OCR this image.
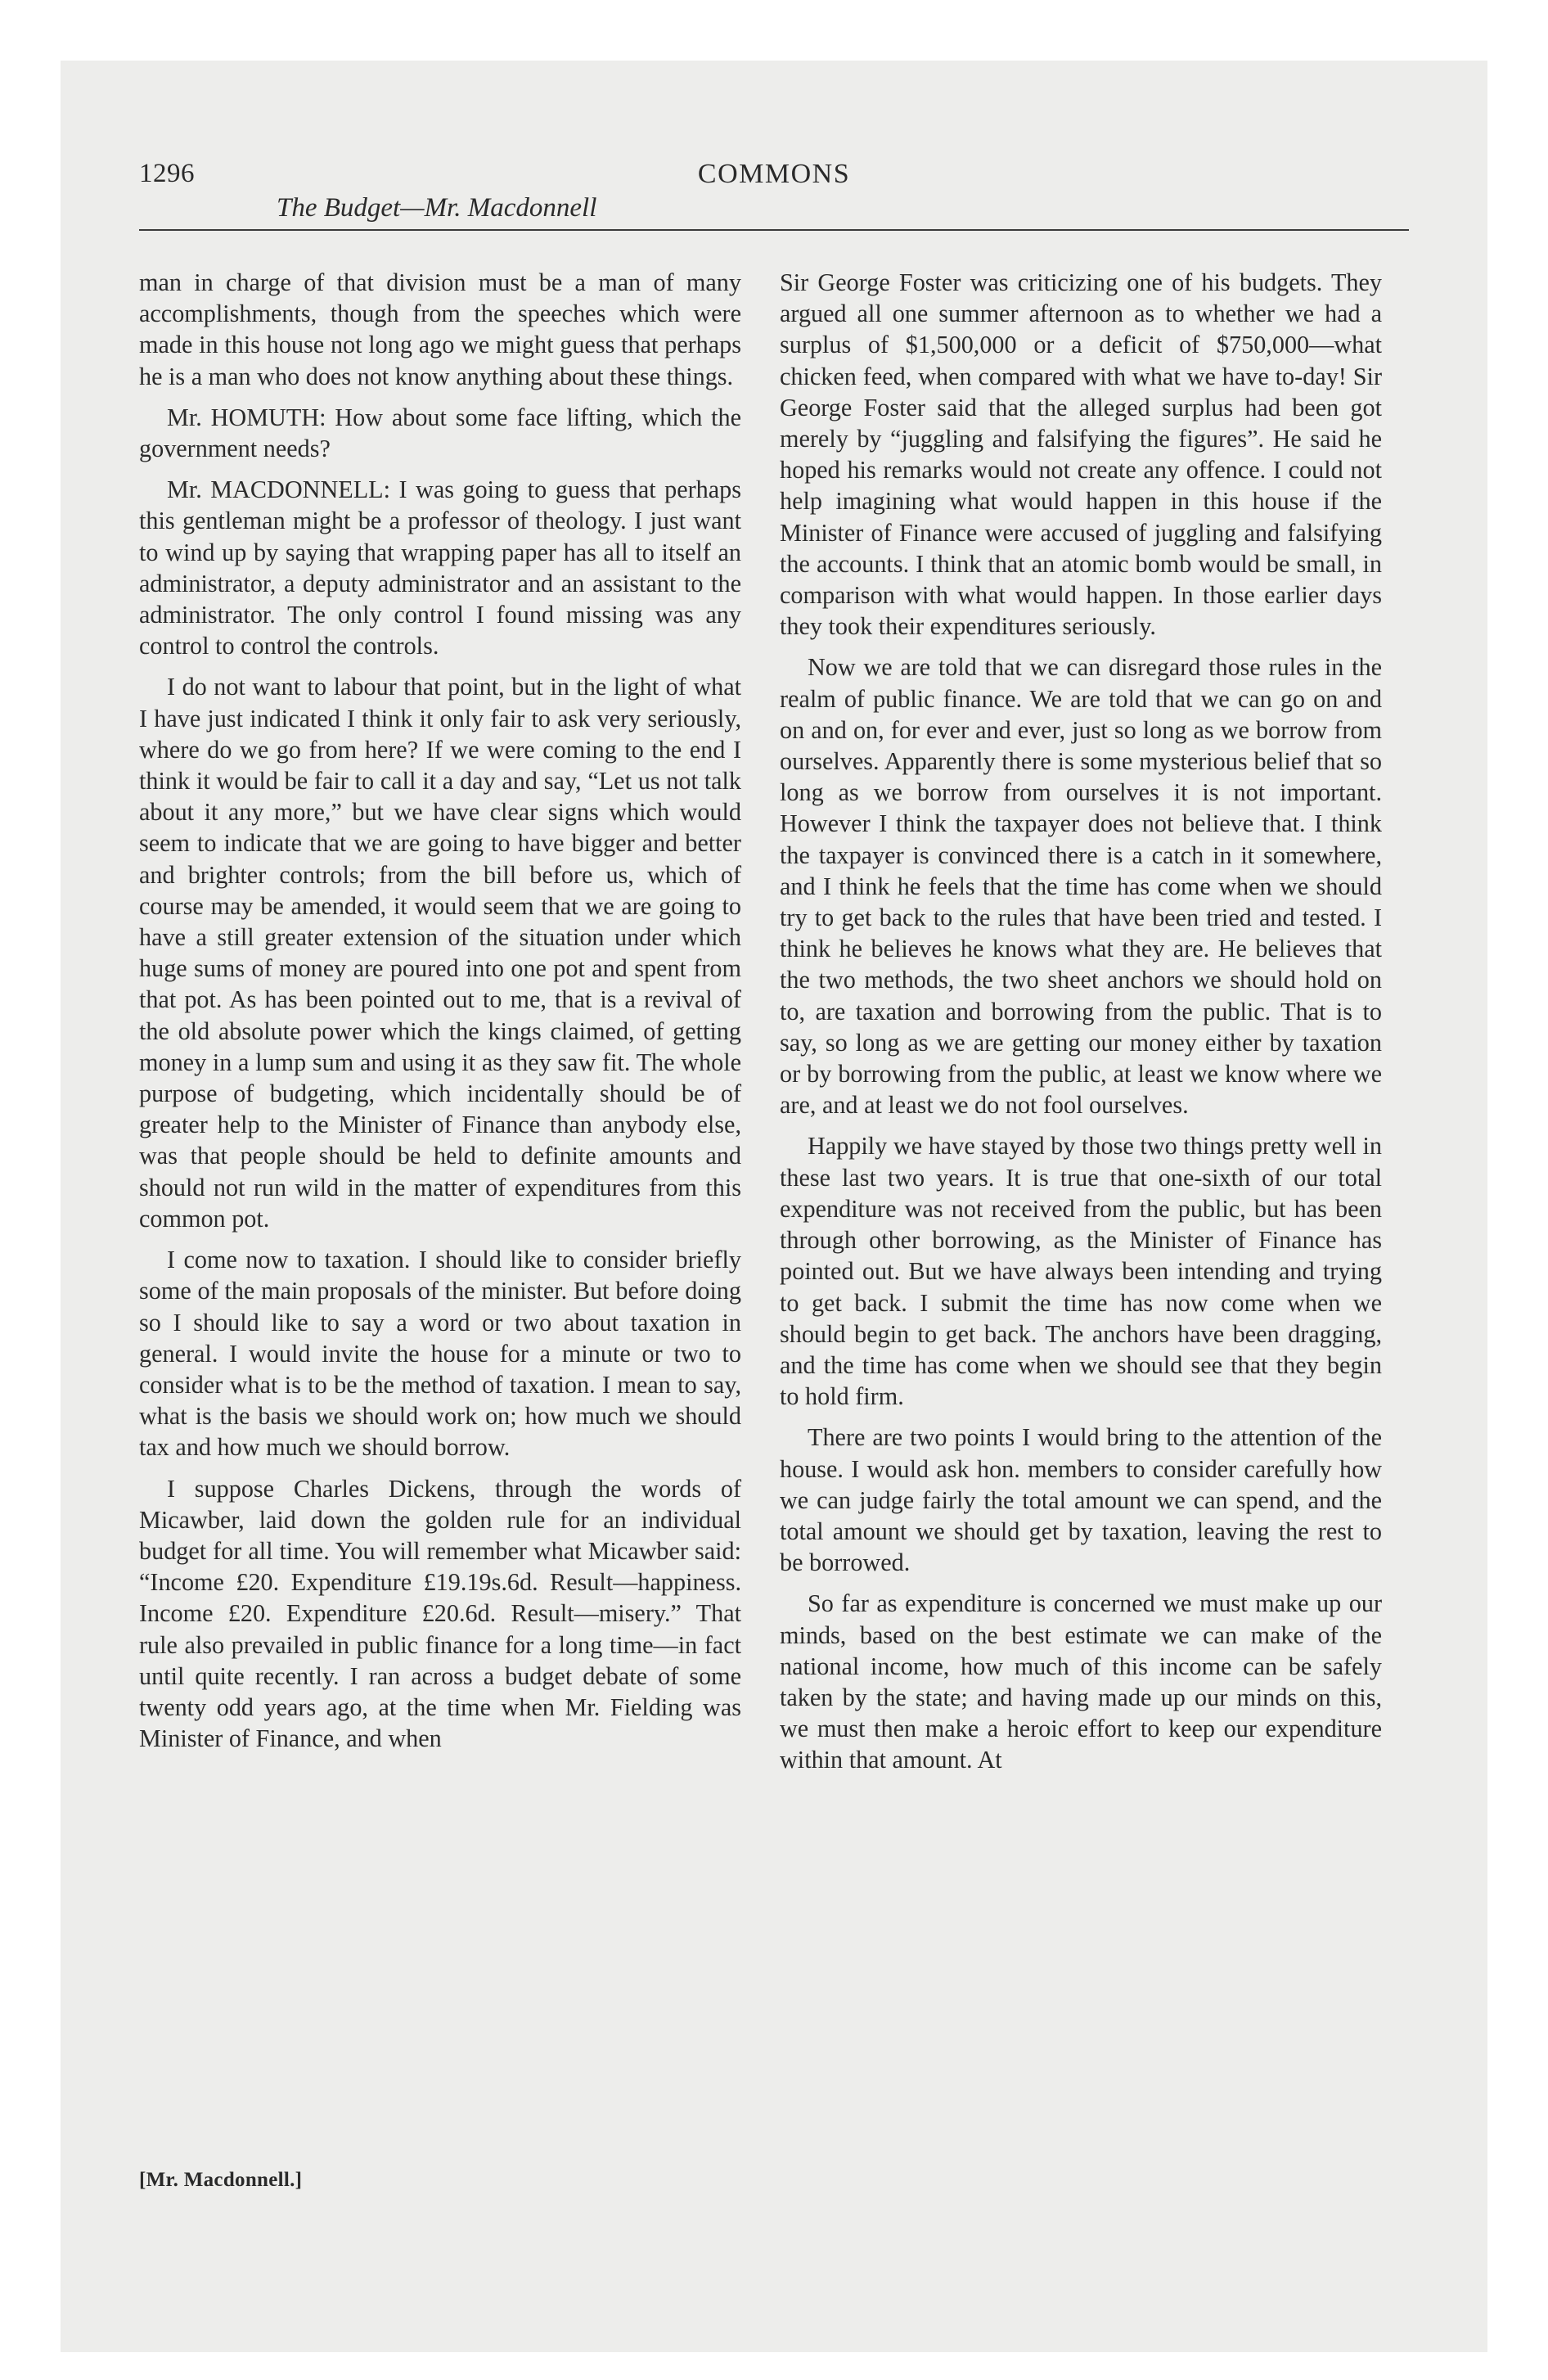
1296	COMMONS
The Budget—Mr. Macdonnell

man in charge of that division must be a man of many accomplishments, though from the speeches which were made in this house not long ago we might guess that perhaps he is a man who does not know anything about these things.

Mr. HOMUTH: How about some face lifting, which the government needs?

Mr. MACDONNELL: I was going to guess that perhaps this gentleman might be a professor of theology. I just want to wind up by saying that wrapping paper has all to itself an administrator, a deputy administrator and an assistant to the administrator. The only control I found missing was any control to control the controls.

I do not want to labour that point, but in the light of what I have just indicated I think it only fair to ask very seriously, where do we go from here? If we were coming to the end I think it would be fair to call it a day and say, “Let us not talk about it any more,” but we have clear signs which would seem to indicate that we are going to have bigger and better and brighter controls; from the bill before us, which of course may be amended, it would seem that we are going to have a still greater extension of the situation under which huge sums of money are poured into one pot and spent from that pot. As has been pointed out to me, that is a revival of the old absolute power which the kings claimed, of getting money in a lump sum and using it as they saw fit. The whole purpose of budgeting, which incidentally should be of greater help to the Minister of Finance than anybody else, was that people should be held to definite amounts and should not run wild in the matter of expenditures from this common pot.

I come now to taxation. I should like to consider briefly some of the main proposals of the minister. But before doing so I should like to say a word or two about taxation in general. I would invite the house for a minute or two to consider what is to be the method of taxation. I mean to say, what is the basis we should work on; how much we should tax and how much we should borrow.

I suppose Charles Dickens, through the words of Micawber, laid down the golden rule for an individual budget for all time. You will remember what Micawber said: “Income £20. Expenditure £19.19s.6d. Result—happiness. Income £20. Expenditure £20.6d. Result—misery.” That rule also prevailed in public finance for a long time—in fact until quite recently. I ran across a budget debate of some twenty odd years ago, at the time when Mr. Fielding was Minister of Finance, and when

Sir George Foster was criticizing one of his budgets. They argued all one summer afternoon as to whether we had a surplus of $1,500,000 or a deficit of $750,000—what chicken feed, when compared with what we have to-day! Sir George Foster said that the alleged surplus had been got merely by “juggling and falsifying the figures”. He said he hoped his remarks would not create any offence. I could not help imagining what would happen in this house if the Minister of Finance were accused of juggling and falsifying the accounts. I think that an atomic bomb would be small, in comparison with what would happen. In those earlier days they took their expenditures seriously.

Now we are told that we can disregard those rules in the realm of public finance. We are told that we can go on and on and on, for ever and ever, just so long as we borrow from ourselves. Apparently there is some mysterious belief that so long as we borrow from ourselves it is not important. However I think the taxpayer does not believe that. I think the taxpayer is convinced there is a catch in it somewhere, and I think he feels that the time has come when we should try to get back to the rules that have been tried and tested. I think he believes he knows what they are. He believes that the two methods, the two sheet anchors we should hold on to, are taxation and borrowing from the public. That is to say, so long as we are getting our money either by taxation or by borrowing from the public, at least we know where we are, and at least we do not fool ourselves.

Happily we have stayed by those two things pretty well in these last two years. It is true that one-sixth of our total expenditure was not received from the public, but has been through other borrowing, as the Minister of Finance has pointed out. But we have always been intending and trying to get back. I submit the time has now come when we should begin to get back. The anchors have been dragging, and the time has come when we should see that they begin to hold firm.

There are two points I would bring to the attention of the house. I would ask hon. members to consider carefully how we can judge fairly the total amount we can spend, and the total amount we should get by taxation, leaving the rest to be borrowed.

So far as expenditure is concerned we must make up our minds, based on the best estimate we can make of the national income, how much of this income can be safely taken by the state; and having made up our minds on this, we must then make a heroic effort to keep our expenditure within that amount. At

[Mr. Macdonnell.]
